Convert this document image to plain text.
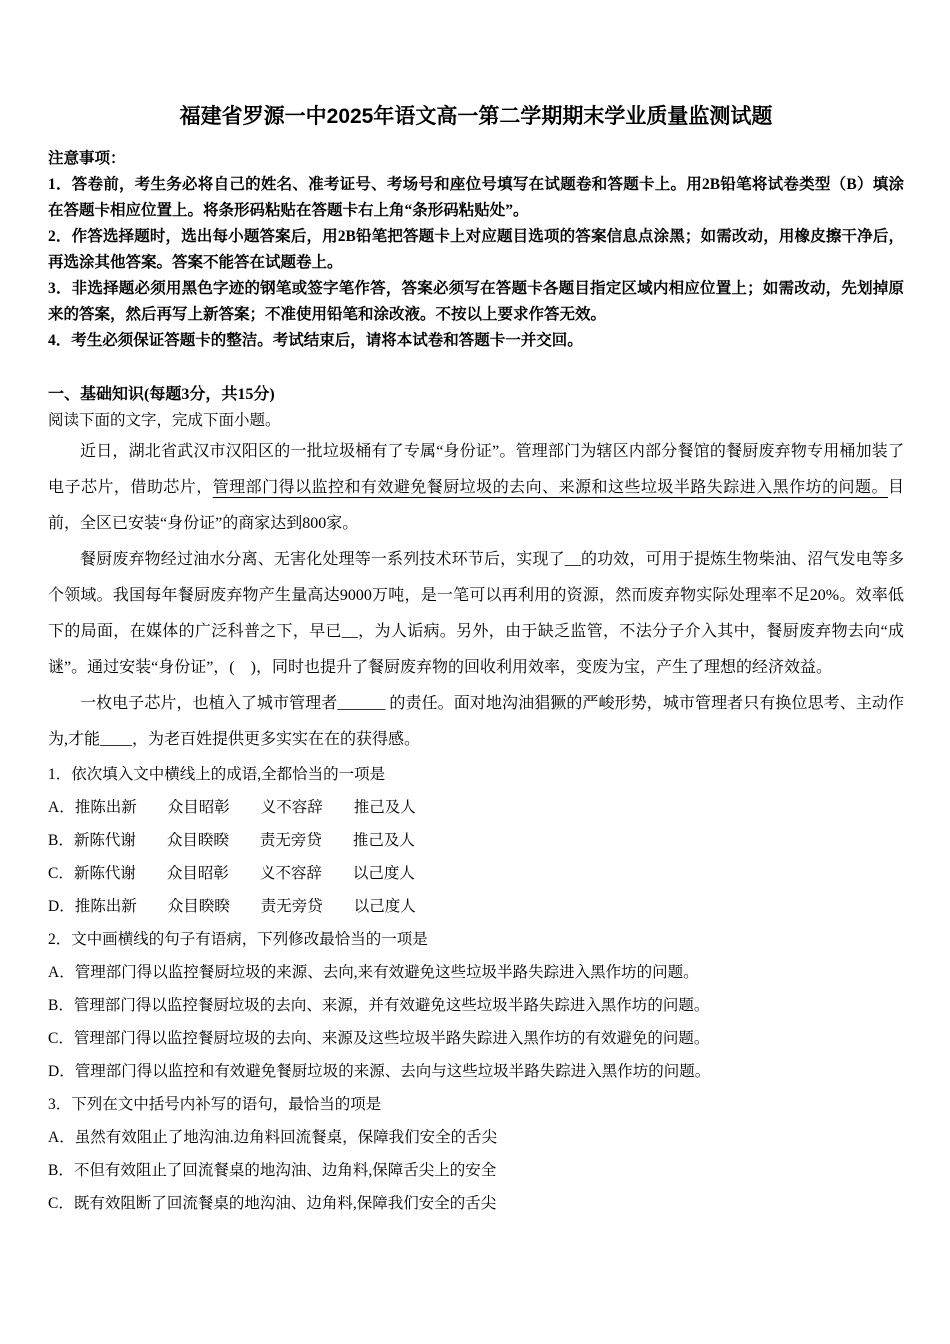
福建省罗源一中2025年语文高一第二学期期末学业质量监测试题
注意事项：

1．答卷前，考生务必将自己的姓名、准考证号、考场号和座位号填写在试题卷和答题卡上。用2B铅笔将试卷类型（B）填涂在答题卡相应位置上。将条形码粘贴在答题卡右上角“条形码粘贴处”。

2．作答选择题时，选出每小题答案后，用2B铅笔把答题卡上对应题目选项的答案信息点涂黑；如需改动，用橡皮擦干净后，再选涂其他答案。答案不能答在试题卷上。

3．非选择题必须用黑色字迹的钢笔或签字笔作答，答案必须写在答题卡各题目指定区域内相应位置上；如需改动，先划掉原来的答案，然后再写上新答案；不准使用铅笔和涂改液。不按以上要求作答无效。

4．考生必须保证答题卡的整洁。考试结束后，请将本试卷和答题卡一并交回。

一、基础知识(每题3分，共15分)

阅读下面的文字，完成下面小题。

近日，湖北省武汉市汉阳区的一批垃圾桶有了专属“身份证”。管理部门为辖区内部分餐馆的餐厨废弃物专用桶加装了电子芯片，借助芯片，管理部门得以监控和有效避免餐厨垃圾的去向、来源和这些垃圾半路失踪进入黑作坊的问题。目前，全区已安装“身份证”的商家达到800家。

餐厨废弃物经过油水分离、无害化处理等一系列技术环节后，实现了__的功效，可用于提炼生物柴油、沼气发电等多个领域。我国每年餐厨废弃物产生量高达9000万吨，是一笔可以再利用的资源，然而废弃物实际处理率不足20%。效率低下的局面，在媒体的广泛科普之下，早已__，为人诟病。另外，由于缺乏监管，不法分子介入其中，餐厨废弃物去向“成谜”。通过安装“身份证”，(　)，同时也提升了餐厨废弃物的回收利用效率，变废为宝，产生了理想的经济效益。

一枚电子芯片，也植入了城市管理者______ 的责任。面对地沟油猖獗的严峻形势，城市管理者只有换位思考、主动作为,才能____，为老百姓提供更多实实在在的获得感。

1．依次填入文中横线上的成语,全都恰当的一项是

A．推陈出新　　众目昭彰　　义不容辞　　推己及人

B．新陈代谢　　众目睽睽　　责无旁贷　　推己及人

C．新陈代谢　　众目昭彰　　义不容辞　　以己度人

D．推陈出新　　众目睽睽　　责无旁贷　　以己度人

2．文中画横线的句子有语病，下列修改最恰当的一项是

A．管理部门得以监控餐厨垃圾的来源、去向,来有效避免这些垃圾半路失踪进入黑作坊的问题。

B．管理部门得以监控餐厨垃圾的去向、来源，并有效避免这些垃圾半路失踪进入黑作坊的问题。

C．管理部门得以监控餐厨垃圾的去向、来源及这些垃圾半路失踪进入黑作坊的有效避免的问题。

D．管理部门得以监控和有效避免餐厨垃圾的来源、去向与这些垃圾半路失踪进入黑作坊的问题。

3．下列在文中括号内补写的语句，最恰当的项是

A．虽然有效阻止了地沟油.边角料回流餐桌，保障我们安全的舌尖

B．不但有效阻止了回流餐桌的地沟油、边角料,保障舌尖上的安全

C．既有效阻断了回流餐桌的地沟油、边角料,保障我们安全的舌尖
